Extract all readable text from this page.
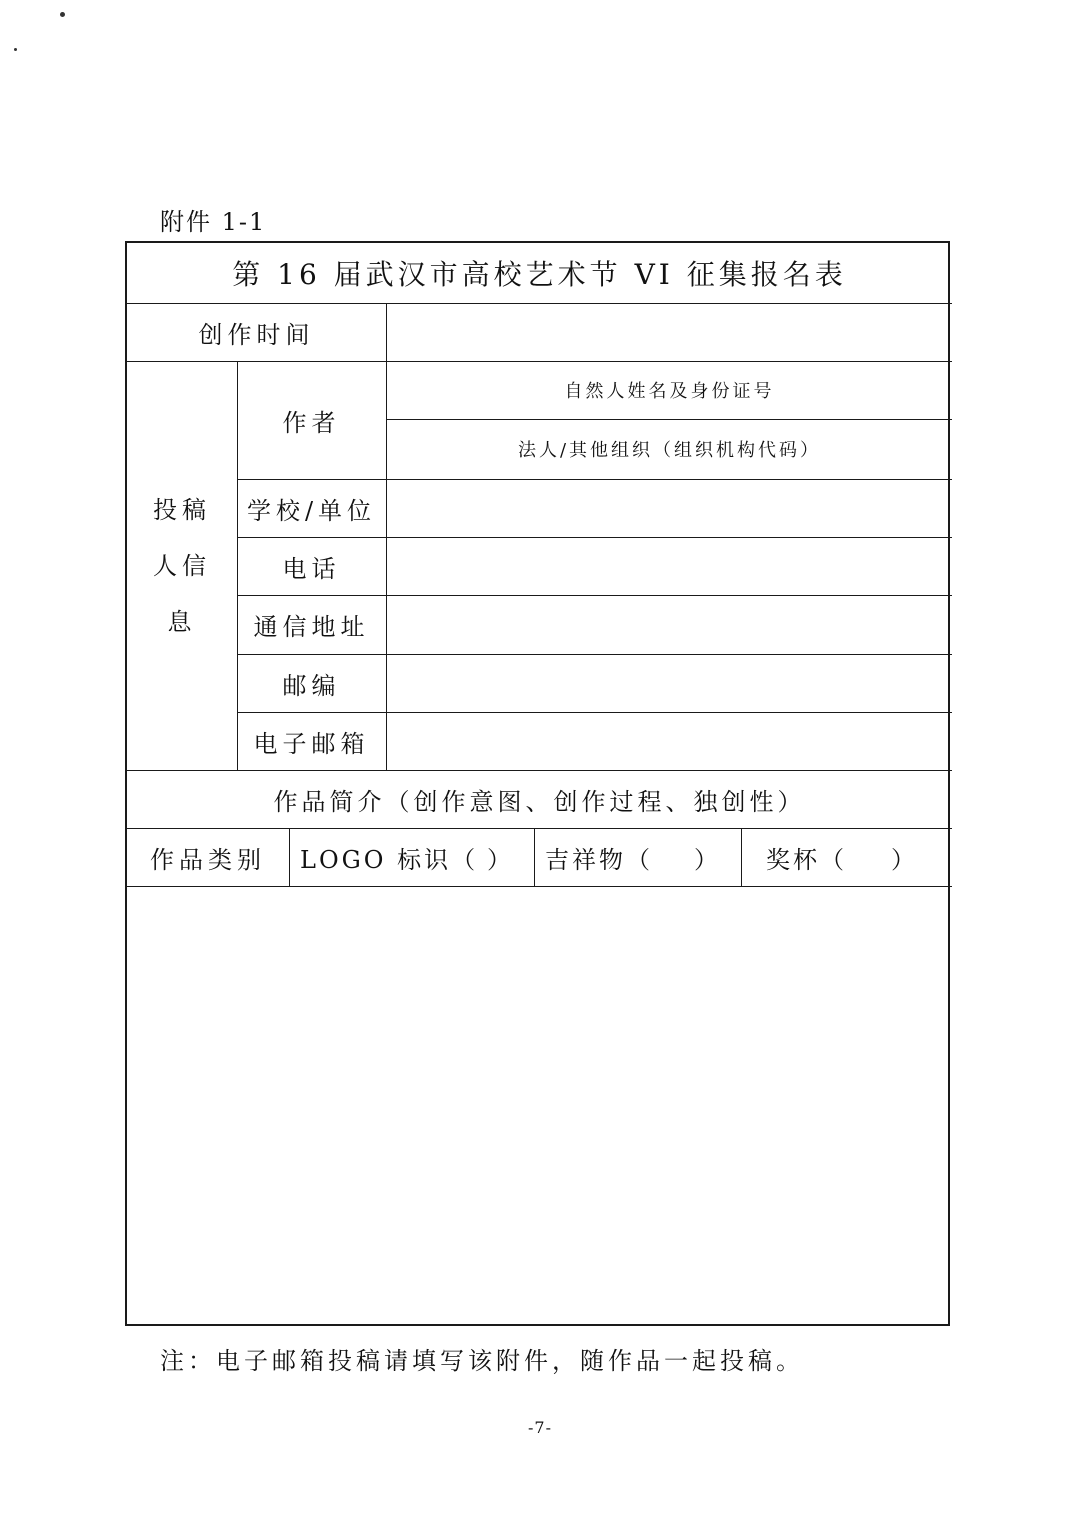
附件 1-1
第 16 届武汉市高校艺术节 VI 征集报名表
创作时间
投稿人信息
作者
自然人姓名及身份证号
法人/其他组织（组织机构代码）
学校/单位
电话
通信地址
邮编
电子邮箱
作品简介（创作意图、创作过程、独创性）
作品类别	LOGO 标识（ ） 吉祥物（ ） 奖杯（ ）
注：电子邮箱投稿请填写该附件，随作品一起投稿。
-7-
